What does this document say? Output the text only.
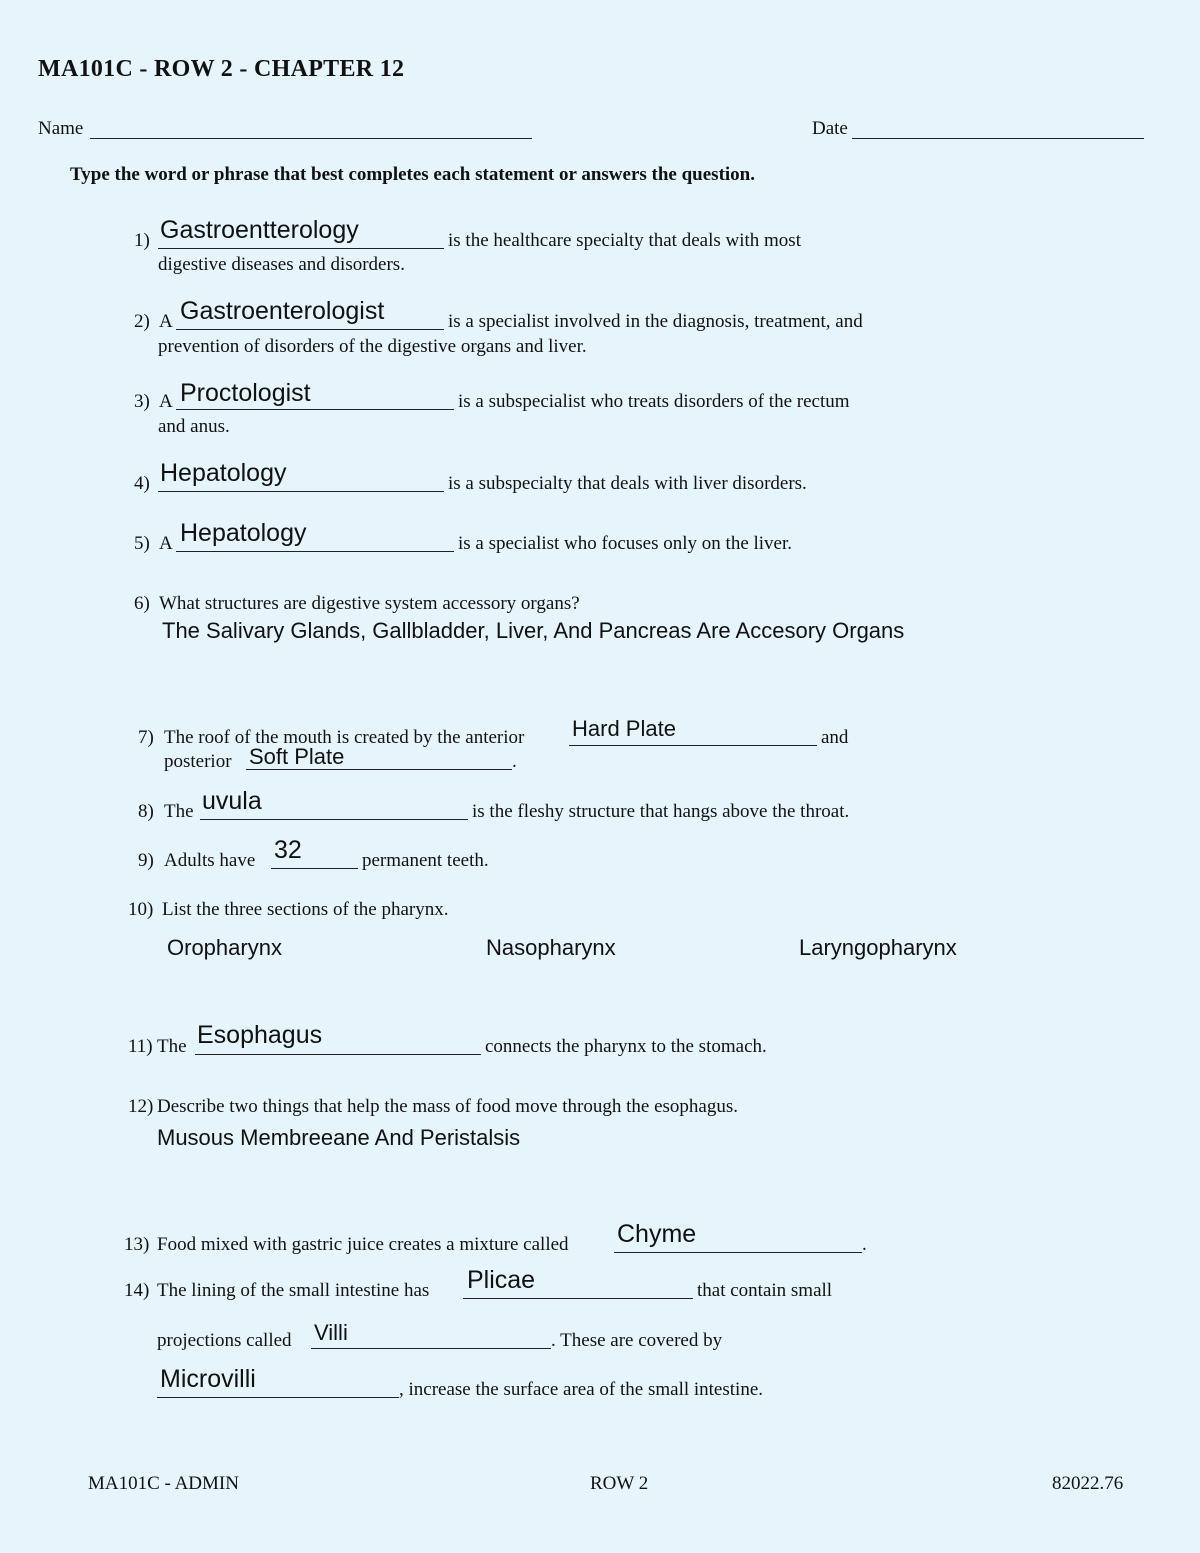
MA101C - ROW 2 - CHAPTER 12
Name	Date
Type the word or phrase that best completes each statement or answers the question.
1) Gastroentterology	is the healthcare specialty that deals with most
digestive diseases and disorders.
2) A Gastroenterologist	is a specialist involved in the diagnosis, treatment, and
prevention of disorders of the digestive organs and liver.
3) A Proctologist	is a subspecialist who treats disorders of the rectum
and anus.
4) Hepatology	is a subspecialty that deals with liver disorders.
5) A Hepatology	is a specialist who focuses only on the liver.
6) What structures are digestive system accessory organs?
The Salivary Glands, Gallbladder, Liver, And Pancreas Are Accesory Organs
7) The roof of the mouth is created by the anterior Hard Plate	and
posterior Soft Plate	.
8) The uvula	is the fleshy structure that hangs above the throat.
9) Adults have 32	permanent teeth.
10) List the three sections of the pharynx.
Oropharynx	Nasopharynx	Laryngopharynx
11) The Esophagus	connects the pharynx to the stomach.
12) Describe two things that help the mass of food move through the esophagus.
Musous Membreeane And Peristalsis
13) Food mixed with gastric juice creates a mixture called Chyme	.
14) The lining of the small intestine has Plicae	that contain small
projections called Villi	. These are covered by
Microvilli	, increase the surface area of the small intestine.
MA101C - ADMIN	ROW 2	82022.76
